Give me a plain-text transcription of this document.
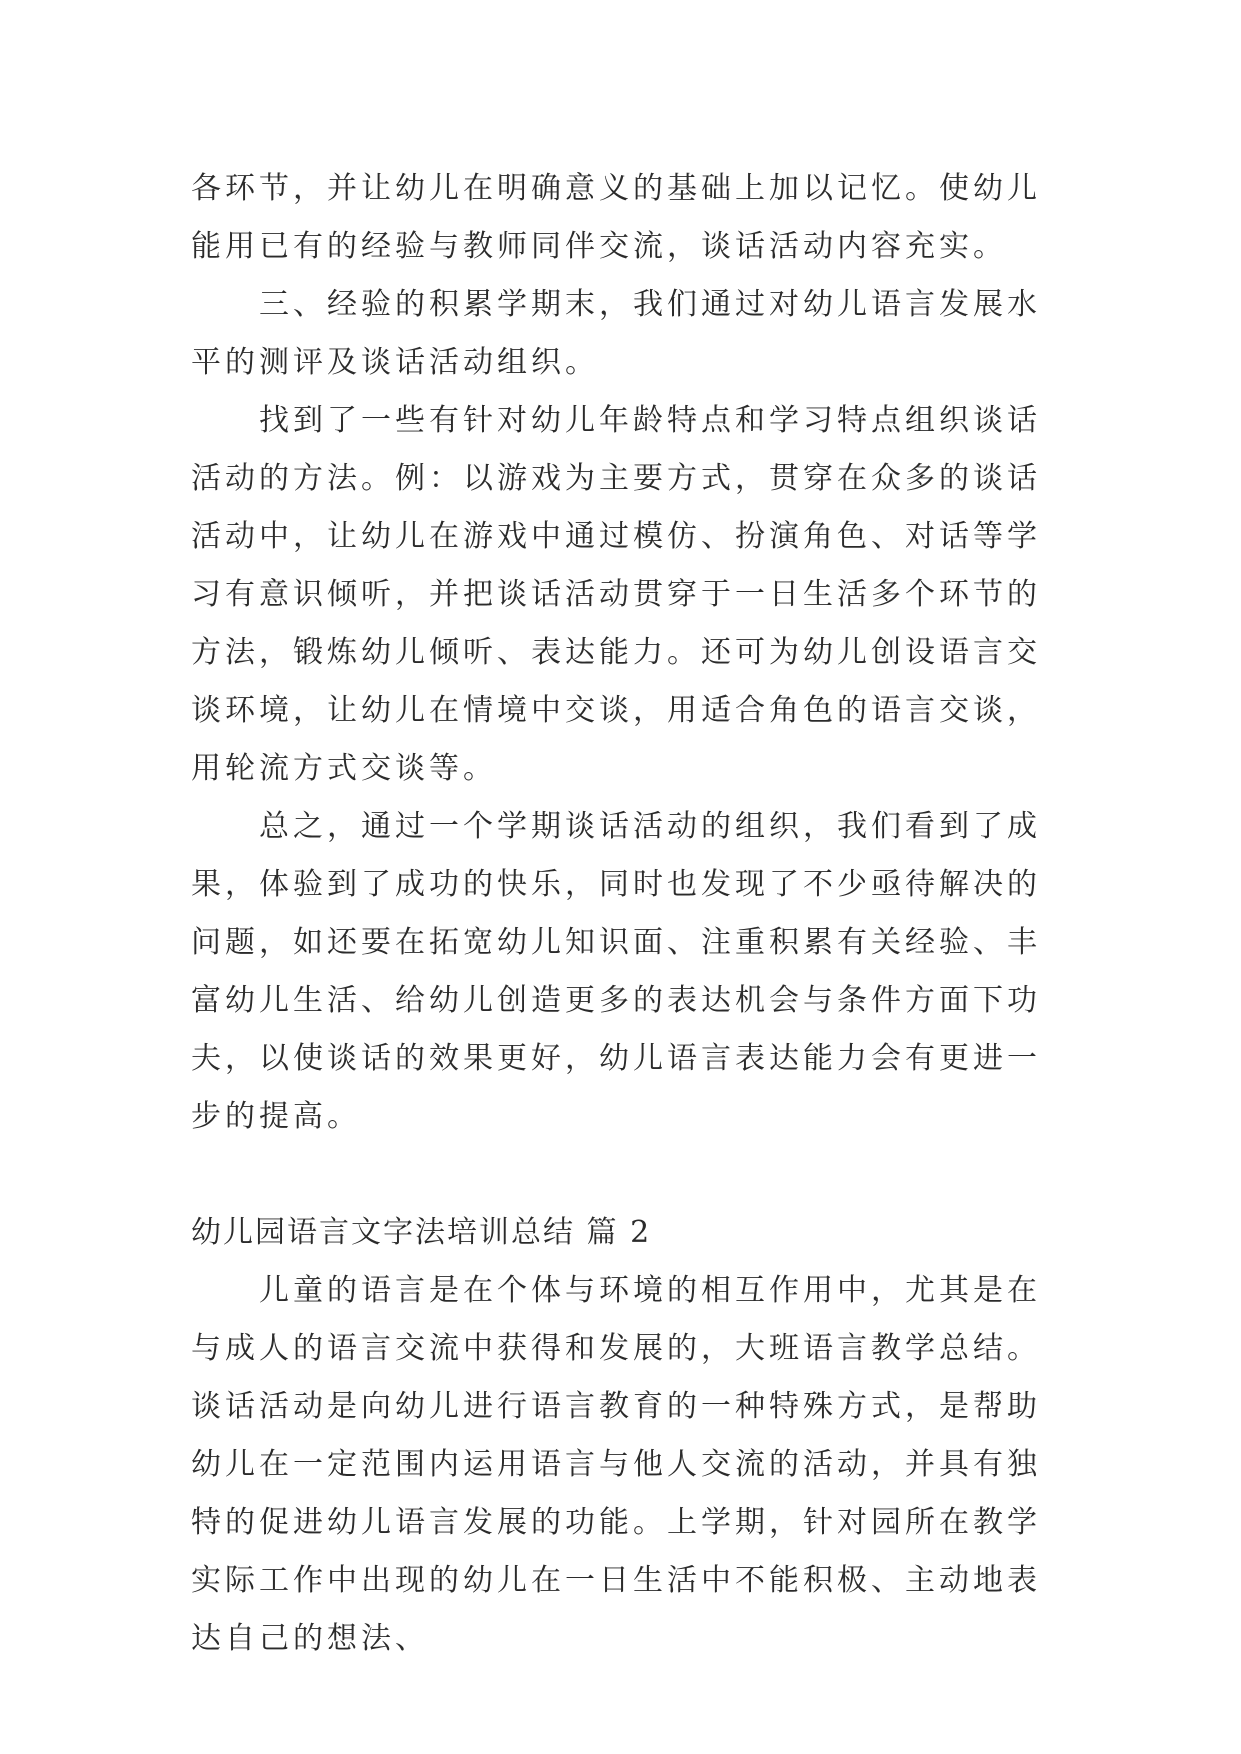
各环节，并让幼儿在明确意义的基础上加以记忆。使幼儿能用已有的经验与教师同伴交流，谈话活动内容充实。

三、经验的积累学期末，我们通过对幼儿语言发展水平的测评及谈话活动组织。

找到了一些有针对幼儿年龄特点和学习特点组织谈话活动的方法。例：以游戏为主要方式，贯穿在众多的谈话活动中，让幼儿在游戏中通过模仿、扮演角色、对话等学习有意识倾听，并把谈话活动贯穿于一日生活多个环节的方法，锻炼幼儿倾听、表达能力。还可为幼儿创设语言交谈环境，让幼儿在情境中交谈，用适合角色的语言交谈，用轮流方式交谈等。

总之，通过一个学期谈话活动的组织，我们看到了成果，体验到了成功的快乐，同时也发现了不少亟待解决的问题，如还要在拓宽幼儿知识面、注重积累有关经验、丰富幼儿生活、给幼儿创造更多的表达机会与条件方面下功夫，以使谈话的效果更好，幼儿语言表达能力会有更进一步的提高。

幼儿园语言文字法培训总结 篇 2

儿童的语言是在个体与环境的相互作用中，尤其是在与成人的语言交流中获得和发展的，大班语言教学总结。谈话活动是向幼儿进行语言教育的一种特殊方式，是帮助幼儿在一定范围内运用语言与他人交流的活动，并具有独特的促进幼儿语言发展的功能。上学期，针对园所在教学实际工作中出现的幼儿在一日生活中不能积极、主动地表达自己的想法、
